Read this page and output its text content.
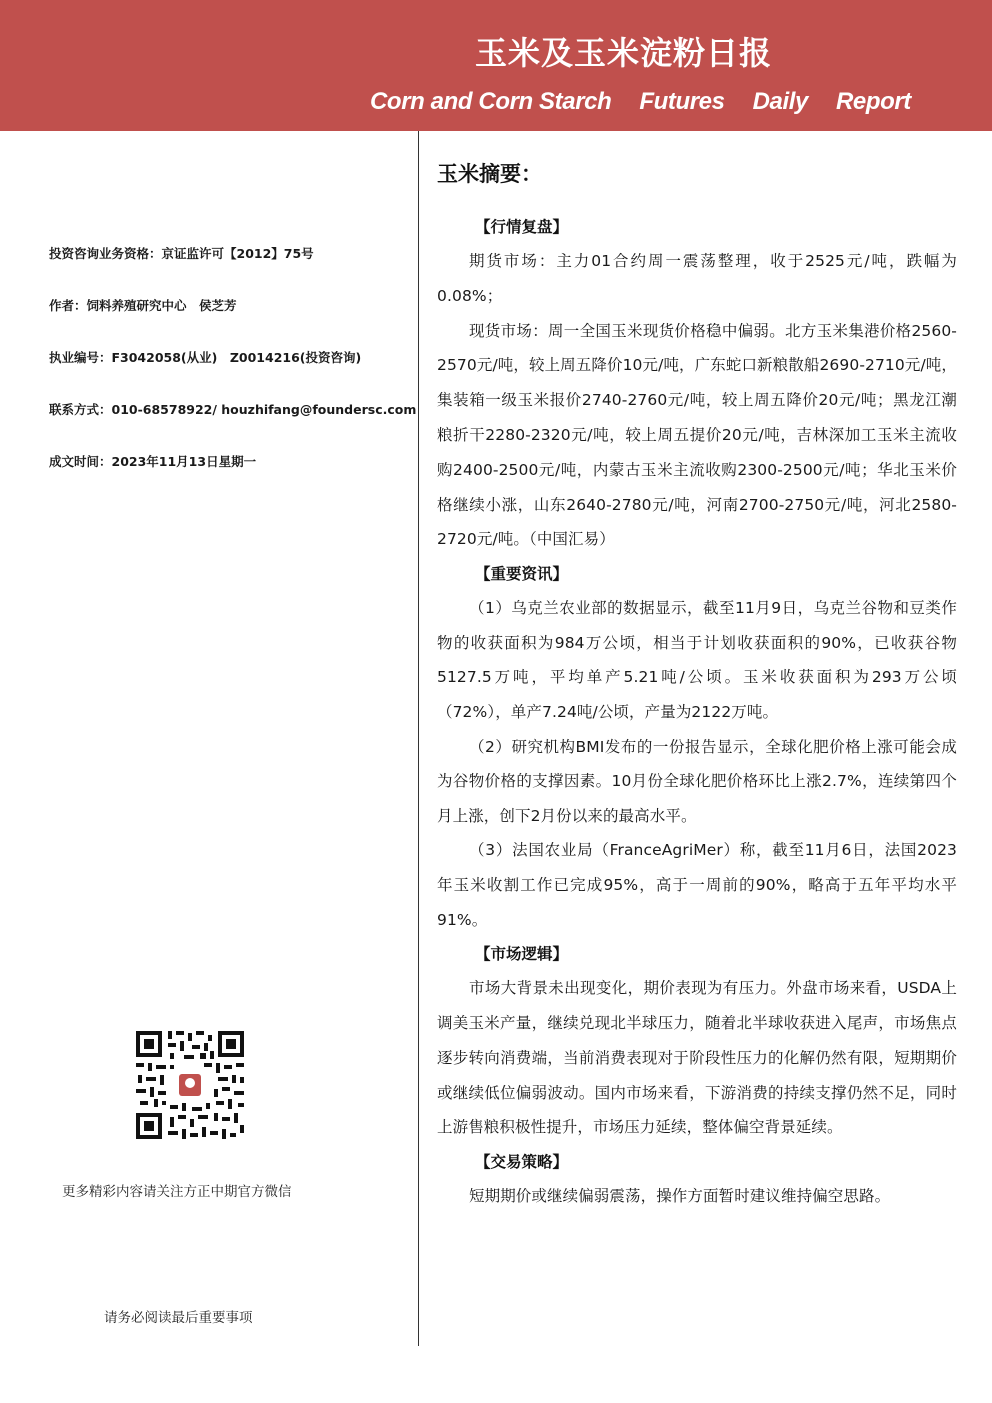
玉米及玉米淀粉日报
Corn and Corn Starch Futures Daily Report
投资咨询业务资格：京证监许可【2012】75号
作者：饲料养殖研究中心　侯芝芳
执业编号：F3042058(从业)　Z0014216(投资咨询)
联系方式：010-68578922/ houzhifang@foundersc.com
成文时间：2023年11月13日星期一
更多精彩内容请关注方正中期官方微信
请务必阅读最后重要事项
玉米摘要：
【行情复盘】
期货市场：主力01合约周一震荡整理，收于2525元/吨，跌幅为0.08%；
现货市场：周一全国玉米现货价格稳中偏弱。北方玉米集港价格2560-2570元/吨，较上周五降价10元/吨，广东蛇口新粮散船2690-2710元/吨，集装箱一级玉米报价2740-2760元/吨，较上周五降价20元/吨；黑龙江潮粮折干2280-2320元/吨，较上周五提价20元/吨，吉林深加工玉米主流收购2400-2500元/吨，内蒙古玉米主流收购2300-2500元/吨；华北玉米价格继续小涨，山东2640-2780元/吨，河南2700-2750元/吨，河北2580-2720元/吨。（中国汇易）
【重要资讯】
（1）乌克兰农业部的数据显示，截至11月9日，乌克兰谷物和豆类作物的收获面积为984万公顷，相当于计划收获面积的90%，已收获谷物5127.5万吨，平均单产5.21吨/公顷。玉米收获面积为293万公顷（72%），单产7.24吨/公顷，产量为2122万吨。
（2）研究机构BMI发布的一份报告显示，全球化肥价格上涨可能会成为谷物价格的支撑因素。10月份全球化肥价格环比上涨2.7%，连续第四个月上涨，创下2月份以来的最高水平。
（3）法国农业局（FranceAgriMer）称，截至11月6日，法国2023年玉米收割工作已完成95%，高于一周前的90%，略高于五年平均水平91%。
【市场逻辑】
市场大背景未出现变化，期价表现为有压力。外盘市场来看，USDA上调美玉米产量，继续兑现北半球压力，随着北半球收获进入尾声，市场焦点逐步转向消费端，当前消费表现对于阶段性压力的化解仍然有限，短期期价或继续低位偏弱波动。国内市场来看，下游消费的持续支撑仍然不足，同时上游售粮积极性提升，市场压力延续，整体偏空背景延续。
【交易策略】
短期期价或继续偏弱震荡，操作方面暂时建议维持偏空思路。
